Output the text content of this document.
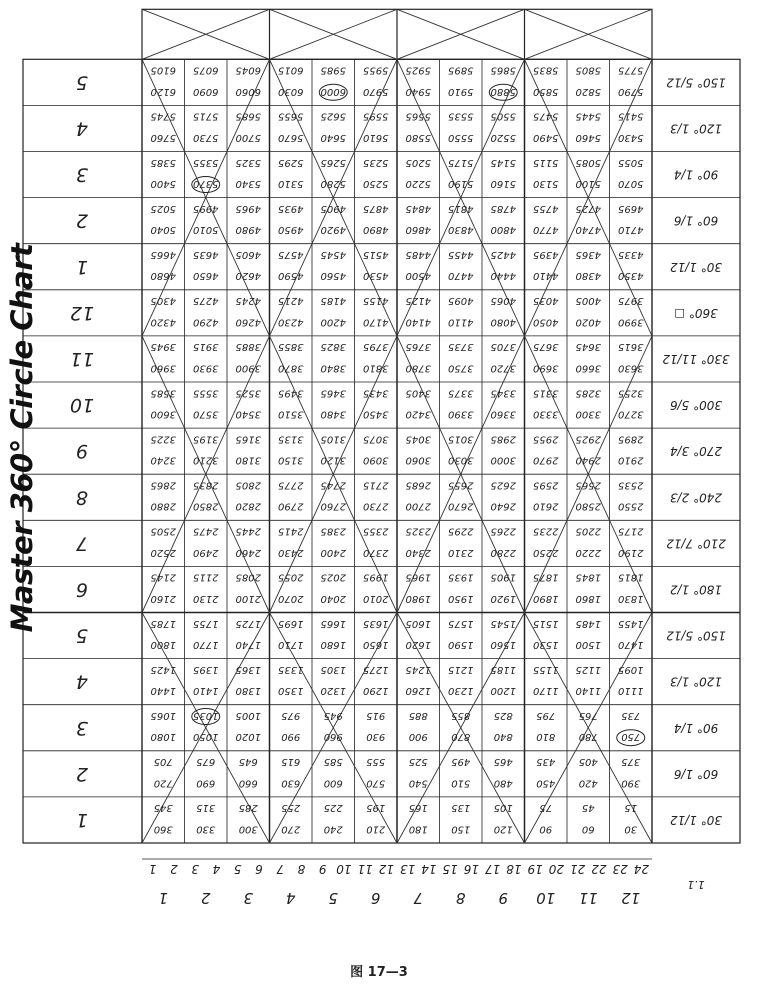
30
15
390
375
750
735
1110
1095
1470
1455
1830
1815
2190
2175
2550
2535
2910
2895
3270
3255
3630
3615
3990
3975
4350
4335
4710
4695
5070
5055
5430
5415
5790
5775
60
45
420
405
780
765
1140
1125
1500
1485
1860
1845
2220
2205
2580
2565
2940
2925
3300
3285
3660
3645
4020
4005
4380
4365
4740
4725
5100
5085
5460
5445
5820
5805
90
75
450
435
810
795
1170
1155
1530
1515
1890
1875
2250
2235
2610
2595
2970
2955
3330
3315
3690
3675
4050
4035
4410
4395
4770
4755
5130
5115
5490
5475
5850
5835
120
105
480
465
840
825
1200
1185
1560
1545
1920
1905
2280
2265
2640
2625
3000
2985
3360
3345
3720
3705
4080
4065
4440
4425
4800
4785
5160
5145
5520
5505
5880
5865
150
135
510
495
870
855
1230
1215
1590
1575
1950
1935
2310
2295
2670
2655
3030
3015
3390
3375
3750
3735
4110
4095
4470
4455
4830
4815
5190
5175
5550
5535
5910
5895
180
165
540
525
900
885
1260
1245
1620
1605
1980
1965
2340
2325
2700
2685
3060
3045
3420
3405
3780
3765
4140
4125
4500
4485
4860
4845
5220
5205
5580
5565
5940
5925
210
195
570
555
930
915
1290
1275
1650
1635
2010
1995
2370
2355
2730
2715
3090
3075
3450
3435
3810
3795
4170
4155
4530
4515
4890
4875
5250
5235
5610
5595
5970
5955
240
225
600
585
960
945
1320
1305
1680
1665
2040
2025
2400
2385
2760
2745
3120
3105
3480
3465
3840
3825
4200
4185
4560
4545
4920
4905
5280
5265
5640
5625
6000
5985
270
255
630
615
990
975
1350
1335
1710
1695
2070
2055
2430
2415
2790
2775
3150
3135
3510
3495
3870
3855
4230
4215
4590
4575
4950
4935
5310
5295
5670
5655
6030
6015
300
285
660
645
1020
1005
1380
1365
1740
1725
2100
2085
2460
2445
2820
2805
3180
3165
3540
3525
3900
3885
4260
4245
4620
4605
4980
4965
5340
5325
5700
5685
6060
6045
330
315
690
675
1050
1035
1410
1395
1770
1755
2130
2115
2490
2475
2850
2835
3210
3195
3570
3555
3930
3915
4290
4275
4650
4635
5010
4995
5370
5355
5730
5715
6090
6075
360
345
720
705
1080
1065
1440
1425
1800
1785
2160
2145
2520
2505
2880
2865
3240
3225
3600
3585
3960
3945
4320
4305
4680
4665
5040
5025
5400
5385
5760
5745
6120
6105
5
4
3
2
1
12
11
10
9
8
7
6
5
4
3
2
1
150° 5/12
120° 1/3
90° 1/4
60° 1/6
30° 1/12
360° ☐
330° 11/12
300° 5/6
270° 3/4
240° 2/3
210° 7/12
180° 1/2
150° 5/12
120° 1/3
90° 1/4
60° 1/6
30° 1/12
24
23
22
21
20
19
18
17
16
15
14
13
12
11
10
9
8
7
6
5
4
3
2
1
12
11
10
9
8
7
6
5
4
3
2
1
1.1
Master 360° Circle Chart
图 17—3
